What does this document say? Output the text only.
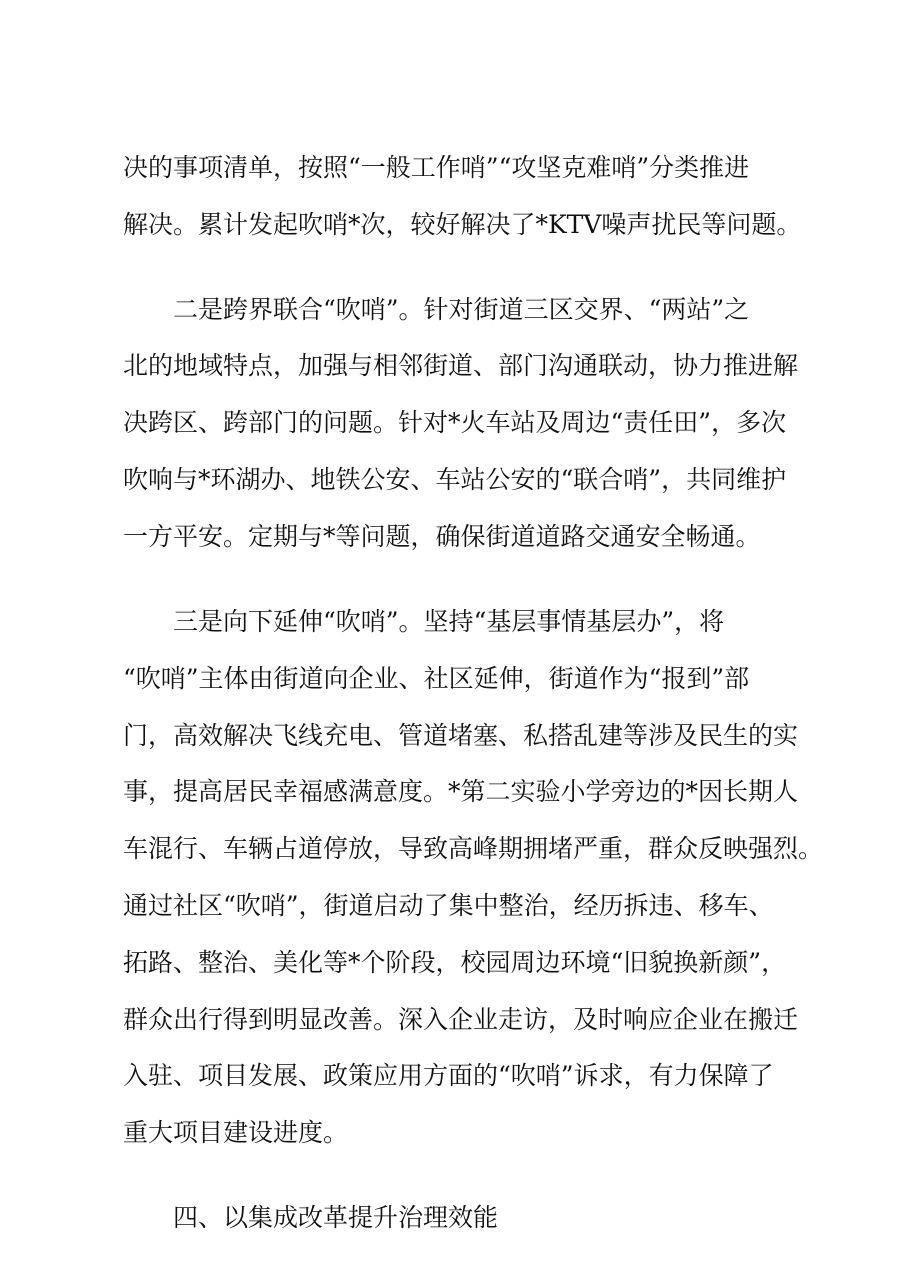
决的事项清单，按照“一般工作哨”“攻坚克难哨”分类推进
解决。累计发起吹哨*次，较好解决了*KTV噪声扰民等问题。
二是跨界联合“吹哨”。针对街道三区交界、“两站”之
北的地域特点，加强与相邻街道、部门沟通联动，协力推进解
决跨区、跨部门的问题。针对*火车站及周边“责任田”，多次
吹响与*环湖办、地铁公安、车站公安的“联合哨”，共同维护
一方平安。定期与*等问题，确保街道道路交通安全畅通。
三是向下延伸“吹哨”。坚持“基层事情基层办”，将
“吹哨”主体由街道向企业、社区延伸，街道作为“报到”部
门，高效解决飞线充电、管道堵塞、私搭乱建等涉及民生的实
事，提高居民幸福感满意度。*第二实验小学旁边的*因长期人
车混行、车辆占道停放，导致高峰期拥堵严重，群众反映强烈。
通过社区“吹哨”，街道启动了集中整治，经历拆违、移车、
拓路、整治、美化等*个阶段，校园周边环境“旧貌换新颜”，
群众出行得到明显改善。深入企业走访，及时响应企业在搬迁
入驻、项目发展、政策应用方面的“吹哨”诉求，有力保障了
重大项目建设进度。
四、以集成改革提升治理效能
